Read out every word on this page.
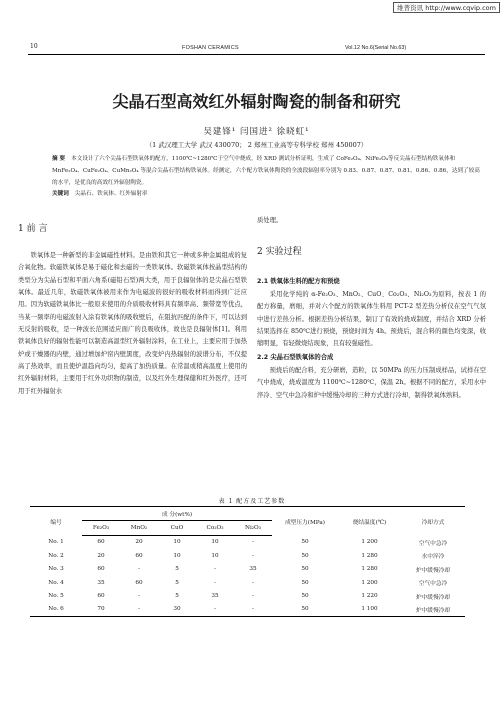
维普资讯 http://www.cqvip.com
10	FOSHAN CERAMICS	Vol.12 No.6(Serial No.63)
尖晶石型高效红外辐射陶瓷的制备和研究
吴建锋¹ 闫国进² 徐晓虹¹
（1 武汉理工大学 武汉 430070； 2 郑州工业高等专科学校 郑州 450007）
摘 要 本文设计了六个尖晶石型铁氧体的配方，1100℃~1280℃于空气中烧成，经 XRD 测试分析证明，生成了 CoFe₂O₄、NiFe₂O₄等反尖晶石型结构铁氧体和 MnFe₂O₄、CuFe₂O₄、CuMn₂O₄ 等混合尖晶石型结构铁氧体。经测定，六个配方铁氧体陶瓷的全波段辐射率分别为 0.83、0.87、0.87、0.81、0.86、0.86，达到了较高的水平，是优良的高效红外辐射陶瓷。
关键词 尖晶石、铁氧体、红外辐射率
1 前 言

铁氧体是一种新型的非金属磁性材料。是由铁和其它一种或多种金属组成的复合氧化物。软磁铁氧体是易于磁化和去磁的一类铁氧体。软磁铁氧体按晶型结构的类型分为尖晶石型和平面六角系(磁铅石型)两大类，用于良辐射体的是尖晶石型铁氧体。最近几年，软磁铁氧体被用来作为电磁波的很好的吸收材料而得到广泛应用。因为软磁铁氧体比一般原来使用的介质吸收材料具有频率高、频带宽等优点，当某一频率的电磁波射入涂有铁氧体的吸收壁后，在阻抗匹配的条件下，可以达到无反射的吸收，是一种波长范围适应面广的良吸收体，故也是良辐射体[1]。利用铁氧体良好的辐射性能可以制造高温型红外辐射涂料，在工业上，主要应用于加热炉或干燥器的内壁，通过增加炉窑内壁黑度，改变炉内热辐射的波谱分布，不仅提高了热效率，而且使炉温趋向均匀，提高了加热质量。在常温或稍高温度上使用的红外辐射材料，主要用于红外功织物的制造，以及红外生理保健和红外医疗，还可用于红外辐射水

质处理。
2 实验过程
2.1 铁氧体生料的配方和预烧

采用化学纯的 α-Fe₂O₃、MnO₂、CuO、Co₂O₃、Ni₂O₃为原料，按表 1 的配方称量，磨细，并对六个配方的铁氧体生料用 PCT-2 型差热分析仪在空气气氛中进行差热分析。根据差热分析结果，制订了有效的烧成制度，并结合 XRD 分析结果选择在 850℃进行预烧，预烧时间为 4h。预烧后，混合料的颜色均变深，收缩明显，有轻微烧结现象，且有较强磁性。

2.2 尖晶石型铁氧体的合成

预烧后的配合料，充分研磨，造粒，以 50MPa 的压力压制成样品，试样在空气中烧成，烧成温度为 1100℃~1280℃，保温 2h。根据不同的配方，采用水中淬冷、空气中急冷和炉中缓慢冷却的三种方式进行冷却，制得铁氧体熟料。

表 1 配方及工艺参数
编号	成 分(wt%)					成型压力(MPa)	烧结温度(℃)	冷却方式
	Fe₂O₃	MnO₂	CuO	Co₂O₃	Ni₂O₃			

No. 1	60	20	10	10	-	50	1 200	空气中急冷
No. 2	20	60	10	10	-	50	1 280	水中淬冷
No. 3	60	-	5	-	35	50	1 280	炉中缓慢冷却
No. 4	35	60	5	-	-	50	1 200	空气中急冷
No. 5	60	-	5	35	-	50	1 220	炉中缓慢冷却
No. 6	70	-	30	-	-	50	1 100	炉中缓慢冷却
